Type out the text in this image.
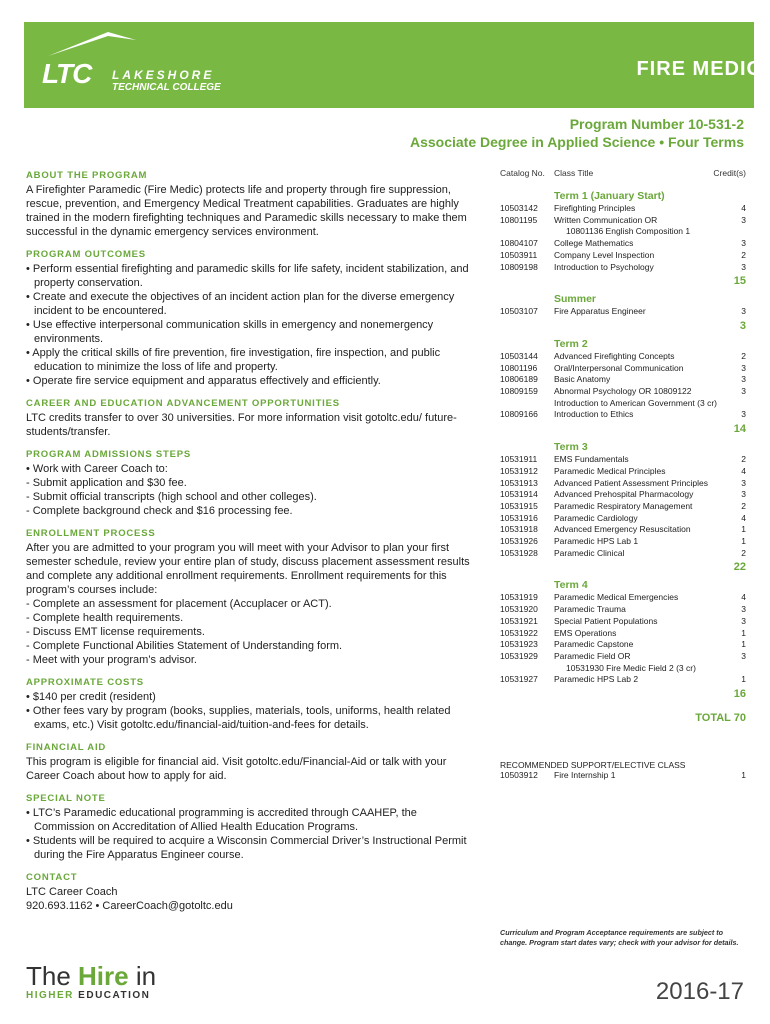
LTC LAKESHORE
TECHNICAL COLLEGE
FIRE MEDIC
Program Number 10-531-2
Associate Degree in Applied Science • Four Terms
ABOUT THE PROGRAM

A Firefighter Paramedic (Fire Medic) protects life and property through fire suppression, rescue, prevention, and Emergency Medical Treatment capabilities. Graduates are highly trained in the modern firefighting techniques and Paramedic skills necessary to make them successful in the dynamic emergency services environment.

PROGRAM OUTCOMES

• Perform essential firefighting and paramedic skills for life safety, incident stabilization, and property conservation.

• Create and execute the objectives of an incident action plan for the diverse emergency incident to be encountered.

• Use effective interpersonal communication skills in emergency and nonemergency environments.

• Apply the critical skills of fire prevention, fire investigation, fire inspection, and public education to minimize the loss of life and property.

• Operate fire service equipment and apparatus effectively and efficiently.

CAREER AND EDUCATION ADVANCEMENT OPPORTUNITIES

LTC credits transfer to over 30 universities. For more information visit gotoltc.edu/ future-students/transfer.

PROGRAM ADMISSIONS STEPS

• Work with Career Coach to:

- Submit application and $30 fee.

- Submit official transcripts (high school and other colleges).

- Complete background check and $16 processing fee.

ENROLLMENT PROCESS

After you are admitted to your program you will meet with your Advisor to plan your first semester schedule, review your entire plan of study, discuss placement assessment results and complete any additional enrollment requirements. Enrollment requirements for this program’s courses include:

- Complete an assessment for placement (Accuplacer or ACT).

- Complete health requirements.

- Discuss EMT license requirements.

- Complete Functional Abilities Statement of Understanding form.

- Meet with your program’s advisor.

APPROXIMATE COSTS

• $140 per credit (resident)

• Other fees vary by program (books, supplies, materials, tools, uniforms, health related exams, etc.) Visit gotoltc.edu/financial-aid/tuition-and-fees for details.

FINANCIAL AID

This program is eligible for financial aid. Visit gotoltc.edu/Financial-Aid or talk with your Career Coach about how to apply for aid.

SPECIAL NOTE

• LTC’s Paramedic educational programming is accredited through CAAHEP, the Commission on Accreditation of Allied Health Education Programs.

• Students will be required to acquire a Wisconsin Commercial Driver’s Instructional Permit during the Fire Apparatus Engineer course.

CONTACT

LTC Career Coach

920.693.1162 • CareerCoach@gotoltc.edu

Catalog No.	Class Title	Credit(s)
Term 1 (January Start)
10503142	Firefighting Principles	4
10801195	Written Communication OR	3
10801136 English Composition 1
10804107	College Mathematics	3
10503911	Company Level Inspection	2
10809198	Introduction to Psychology	3
15
Summer
10503107	Fire Apparatus Engineer	3
3
Term 2
10503144	Advanced Firefighting Concepts	2
10801196	Oral/Interpersonal Communication	3
10806189	Basic Anatomy	3
10809159	Abnormal Psychology OR 10809122	3
Introduction to American Government (3 cr)
10809166	Introduction to Ethics	3
14
Term 3
10531911	EMS Fundamentals	2
10531912	Paramedic Medical Principles	4
10531913	Advanced Patient Assessment Principles	3
10531914	Advanced Prehospital Pharmacology	3
10531915	Paramedic Respiratory Management	2
10531916	Paramedic Cardiology	4
10531918	Advanced Emergency Resuscitation	1
10531926	Paramedic HPS Lab 1	1
10531928	Paramedic Clinical	2
22
Term 4
10531919	Paramedic Medical Emergencies	4
10531920	Paramedic Trauma	3
10531921	Special Patient Populations	3
10531922	EMS Operations	1
10531923	Paramedic Capstone	1
10531929	Paramedic Field OR	3
10531930 Fire Medic Field 2 (3 cr)
10531927	Paramedic HPS Lab 2	1
16
TOTAL 70
RECOMMENDED SUPPORT/ELECTIVE CLASS
10503912	Fire Internship 1	1
Curriculum and Program Acceptance requirements are subject to change. Program start dates vary; check with your advisor for details.
The Hire in
HIGHER EDUCATION	2016-17
